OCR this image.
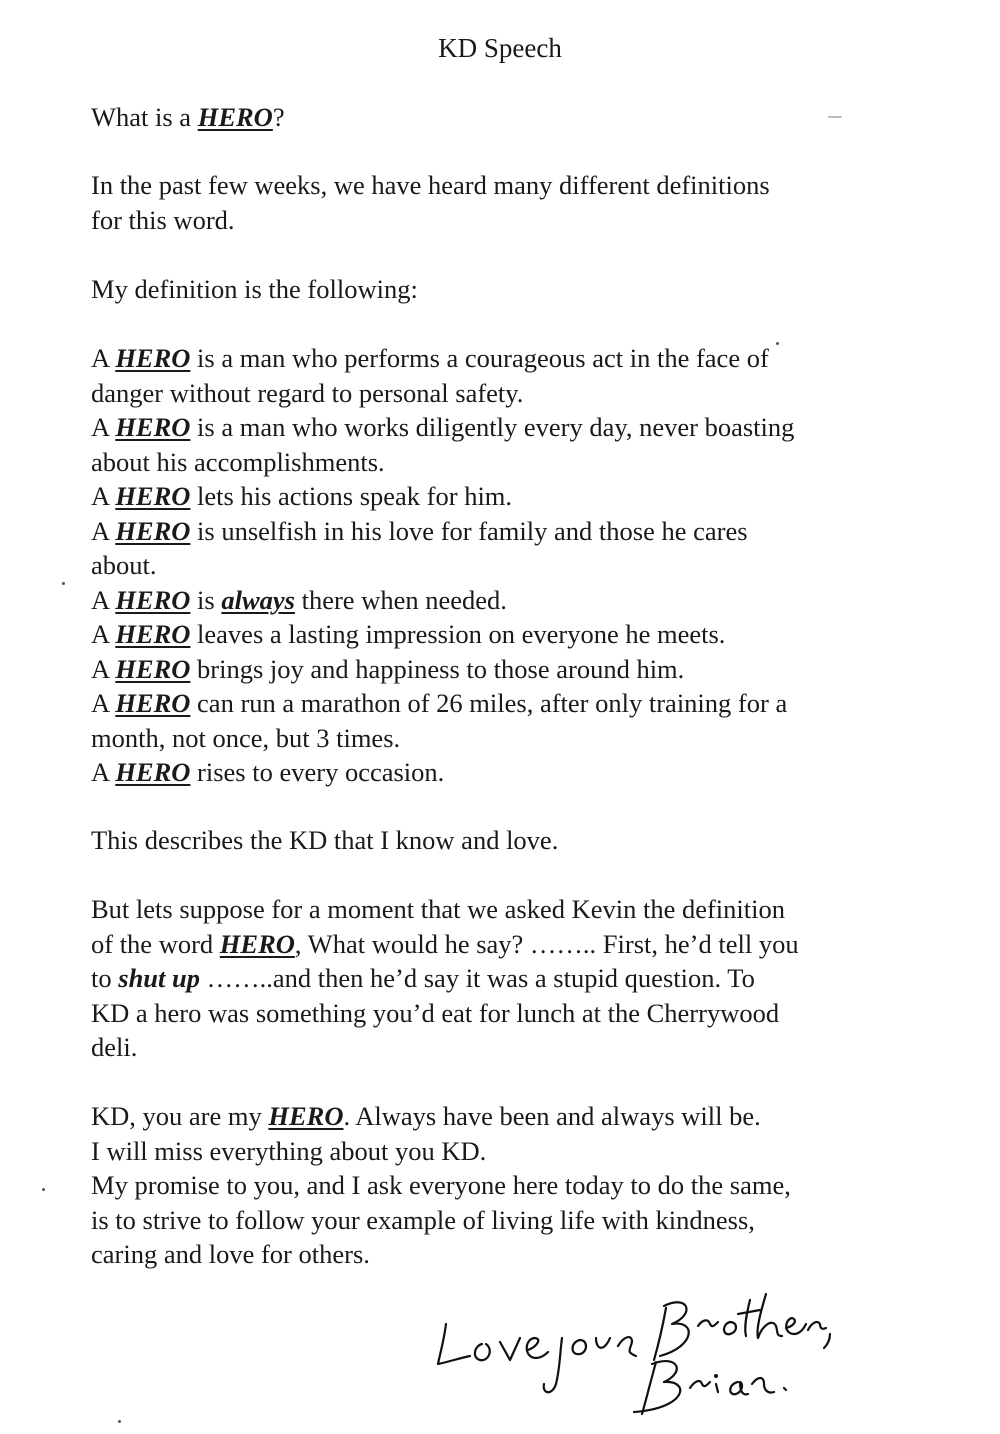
KD Speech
What is a HERO?
In the past few weeks, we have heard many different definitions
for this word.
My definition is the following:
A HERO is a man who performs a courageous act in the face of
danger without regard to personal safety.
A HERO is a man who works diligently every day, never boasting
about his accomplishments.
A HERO lets his actions speak for him.
A HERO is unselfish in his love for family and those he cares
about.
A HERO is always there when needed.
A HERO leaves a lasting impression on everyone he meets.
A HERO brings joy and happiness to those around him.
A HERO can run a marathon of 26 miles, after only training for a
month, not once, but 3 times.
A HERO rises to every occasion.
This describes the KD that I know and love.
But lets suppose for a moment that we asked Kevin the definition
of the word HERO, What would he say? …….. First, he’d tell you
to shut up ……..and then he’d say it was a stupid question. To
KD a hero was something you’d eat for lunch at the Cherrywood
deli.
KD, you are my HERO. Always have been and always will be.
I will miss everything about you KD.
My promise to you, and I ask everyone here today to do the same,
is to strive to follow your example of living life with kindness,
caring and love for others.
